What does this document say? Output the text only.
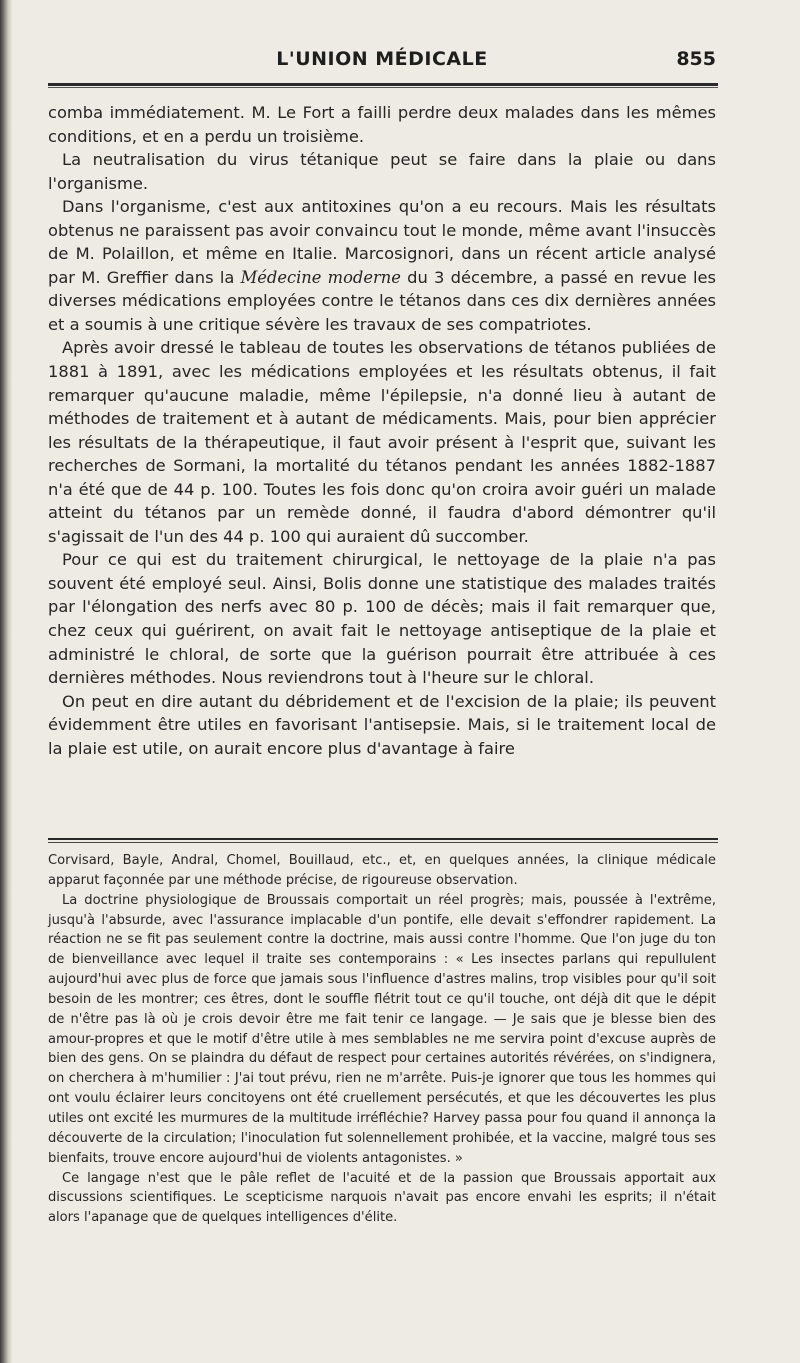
L'UNION MÉDICALE	855

comba immédiatement. M. Le Fort a failli perdre deux malades dans les mêmes conditions, et en a perdu un troisième.

La neutralisation du virus tétanique peut se faire dans la plaie ou dans l'organisme.

Dans l'organisme, c'est aux antitoxines qu'on a eu recours. Mais les résultats obtenus ne paraissent pas avoir convaincu tout le monde, même avant l'insuccès de M. Polaillon, et même en Italie. Marcosignori, dans un récent article analysé par M. Greffier dans la Médecine moderne du 3 décembre, a passé en revue les diverses médications employées contre le tétanos dans ces dix dernières années et a soumis à une critique sévère les travaux de ses compatriotes.

Après avoir dressé le tableau de toutes les observations de tétanos publiées de 1881 à 1891, avec les médications employées et les résultats obtenus, il fait remarquer qu'aucune maladie, même l'épilepsie, n'a donné lieu à autant de méthodes de traitement et à autant de médicaments. Mais, pour bien apprécier les résultats de la thérapeutique, il faut avoir présent à l'esprit que, suivant les recherches de Sormani, la mortalité du tétanos pendant les années 1882-1887 n'a été que de 44 p. 100. Toutes les fois donc qu'on croira avoir guéri un malade atteint du tétanos par un remède donné, il faudra d'abord démontrer qu'il s'agissait de l'un des 44 p. 100 qui auraient dû succomber.

Pour ce qui est du traitement chirurgical, le nettoyage de la plaie n'a pas souvent été employé seul. Ainsi, Bolis donne une statistique des malades traités par l'élongation des nerfs avec 80 p. 100 de décès; mais il fait remarquer que, chez ceux qui guérirent, on avait fait le nettoyage antiseptique de la plaie et administré le chloral, de sorte que la guérison pourrait être attribuée à ces dernières méthodes. Nous reviendrons tout à l'heure sur le chloral.

On peut en dire autant du débridement et de l'excision de la plaie; ils peuvent évidemment être utiles en favorisant l'antisepsie. Mais, si le traitement local de la plaie est utile, on aurait encore plus d'avantage à faire

Corvisard, Bayle, Andral, Chomel, Bouillaud, etc., et, en quelques années, la clinique médicale apparut façonnée par une méthode précise, de rigoureuse observation.

La doctrine physiologique de Broussais comportait un réel progrès; mais, poussée à l'extrême, jusqu'à l'absurde, avec l'assurance implacable d'un pontife, elle devait s'effondrer rapidement. La réaction ne se fit pas seulement contre la doctrine, mais aussi contre l'homme. Que l'on juge du ton de bienveillance avec lequel il traite ses contemporains : « Les insectes parlans qui repullulent aujourd'hui avec plus de force que jamais sous l'influence d'astres malins, trop visibles pour qu'il soit besoin de les montrer; ces êtres, dont le souffle flétrit tout ce qu'il touche, ont déjà dit que le dépit de n'être pas là où je crois devoir être me fait tenir ce langage. — Je sais que je blesse bien des amour-propres et que le motif d'être utile à mes semblables ne me servira point d'excuse auprès de bien des gens. On se plaindra du défaut de respect pour certaines autorités révérées, on s'indignera, on cherchera à m'humilier : J'ai tout prévu, rien ne m'arrête. Puis-je ignorer que tous les hommes qui ont voulu éclairer leurs concitoyens ont été cruellement persécutés, et que les découvertes les plus utiles ont excité les murmures de la multitude irréfléchie? Harvey passa pour fou quand il annonça la découverte de la circulation; l'inoculation fut solennellement prohibée, et la vaccine, malgré tous ses bienfaits, trouve encore aujourd'hui de violents antagonistes. »

Ce langage n'est que le pâle reflet de l'acuité et de la passion que Broussais apportait aux discussions scientifiques. Le scepticisme narquois n'avait pas encore envahi les esprits; il n'était alors l'apanage que de quelques intelligences d'élite.
